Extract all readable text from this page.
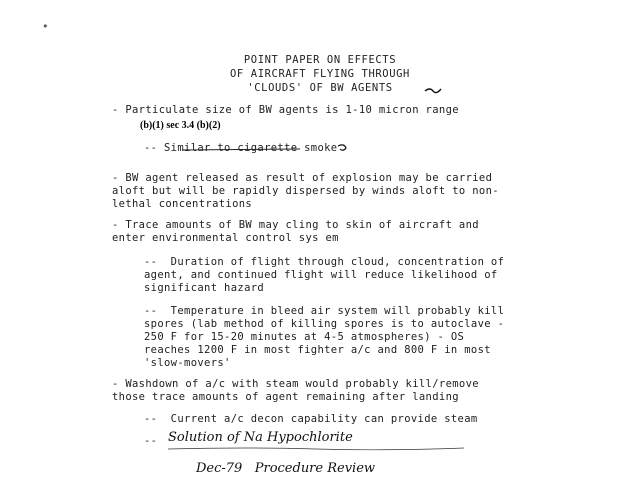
•
POINT PAPER ON EFFECTS
OF AIRCRAFT FLYING THROUGH
'CLOUDS' OF BW AGENTS
- Particulate size of BW agents is 1-10 micron range
(b)(1) sec 3.4 (b)(2)
-- Similar to cigarette smoke
- BW agent released as result of explosion may be carried
aloft but will be rapidly dispersed by winds aloft to non-
lethal concentrations
- Trace amounts of BW may cling to skin of aircraft and
enter environmental control sys em
--  Duration of flight through cloud, concentration of
agent, and continued flight will reduce likelihood of
significant hazard
--  Temperature in bleed air system will probably kill
spores (lab method of killing spores is to autoclave -
250 F for 15-20 minutes at 4-5 atmospheres) - OS
reaches 1200 F in most fighter a/c and 800 F in most
'slow-movers'
- Washdown of a/c with steam would probably kill/remove
those trace amounts of agent remaining after landing
--  Current a/c decon capability can provide steam
-- Solution of Na Hypochlorite
Dec-79   Procedure Review
